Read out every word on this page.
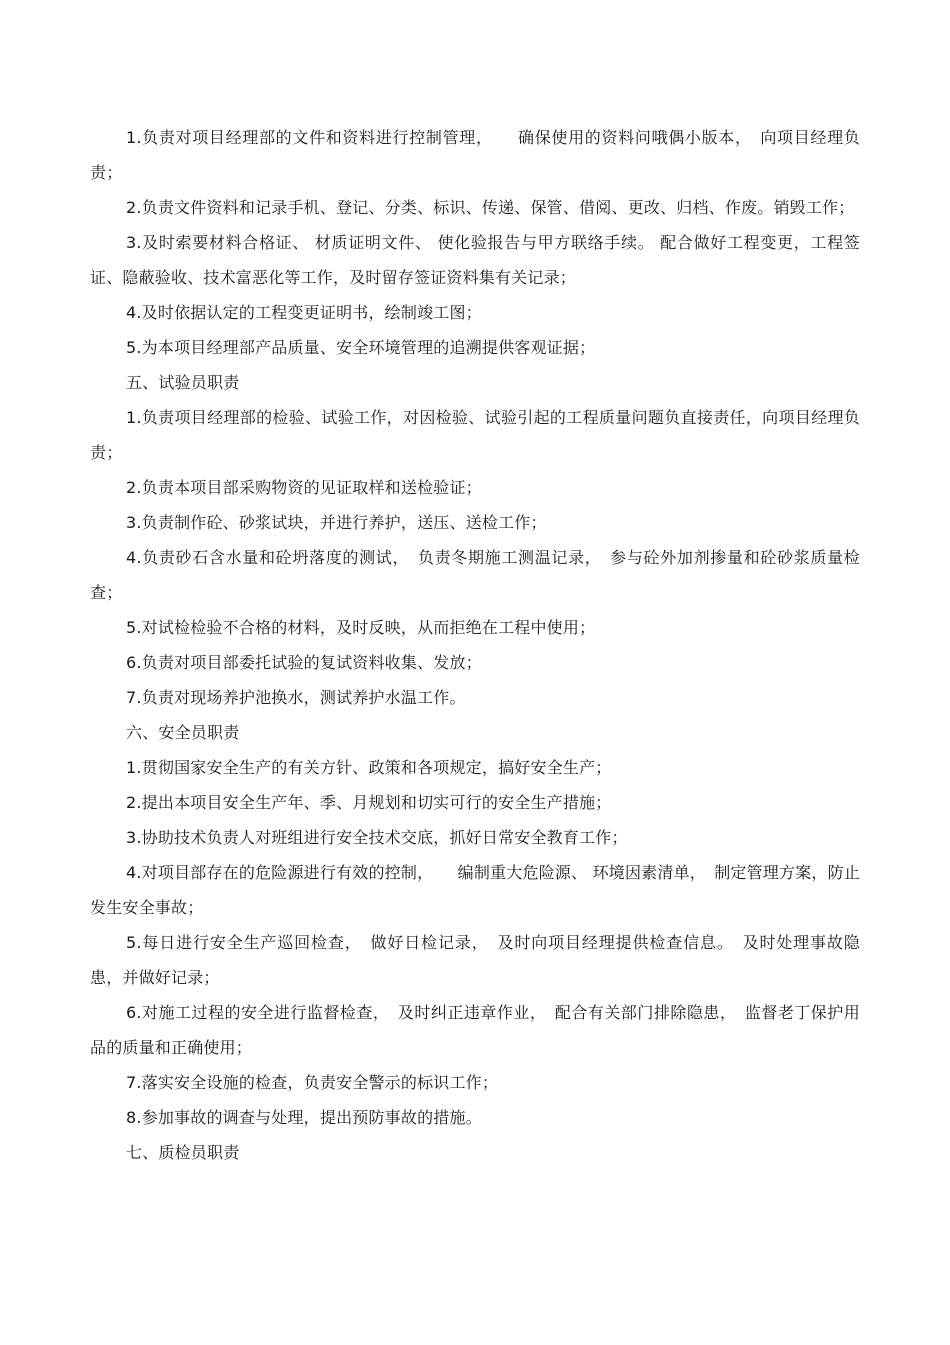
1.负责对项目经理部的文件和资料进行控制管理，　　确保使用的资料问哦偶小版本，　向项目经理负责；

2.负责文件资料和记录手机、登记、分类、标识、传递、保管、借阅、更改、归档、作废。销毁工作；

3.及时索要材料合格证、 材质证明文件、 使化验报告与甲方联络手续。 配合做好工程变更，工程签证、隐蔽验收、技术富恶化等工作，及时留存签证资料集有关记录；

4.及时依据认定的工程变更证明书，绘制竣工图；

5.为本项目经理部产品质量、安全环境管理的追溯提供客观证据；

五、试验员职责

1.负责项目经理部的检验、试验工作，对因检验、试验引起的工程质量问题负直接责任，向项目经理负责；

2.负责本项目部采购物资的见证取样和送检验证；

3.负责制作砼、砂浆试块，并进行养护，送压、送检工作；

4.负责砂石含水量和砼坍落度的测试，　负责冬期施工测温记录，　参与砼外加剂掺量和砼砂浆质量检查；

5.对试检检验不合格的材料，及时反映，从而拒绝在工程中使用；

6.负责对项目部委托试验的复试资料收集、发放；

7.负责对现场养护池换水，测试养护水温工作。

六、安全员职责

1.贯彻国家安全生产的有关方针、政策和各项规定，搞好安全生产；

2.提出本项目安全生产年、季、月规划和切实可行的安全生产措施；

3.协助技术负责人对班组进行安全技术交底，抓好日常安全教育工作；

4.对项目部存在的危险源进行有效的控制，　　编制重大危险源、 环境因素清单，　制定管理方案，防止发生安全事故；

5.每日进行安全生产巡回检查，　做好日检记录，　及时向项目经理提供检查信息。　及时处理事故隐患，并做好记录；

6.对施工过程的安全进行监督检查，　及时纠正违章作业，　配合有关部门排除隐患，　监督老丁保护用品的质量和正确使用；

7.落实安全设施的检查，负责安全警示的标识工作；

8.参加事故的调查与处理，提出预防事故的措施。

七、质检员职责
